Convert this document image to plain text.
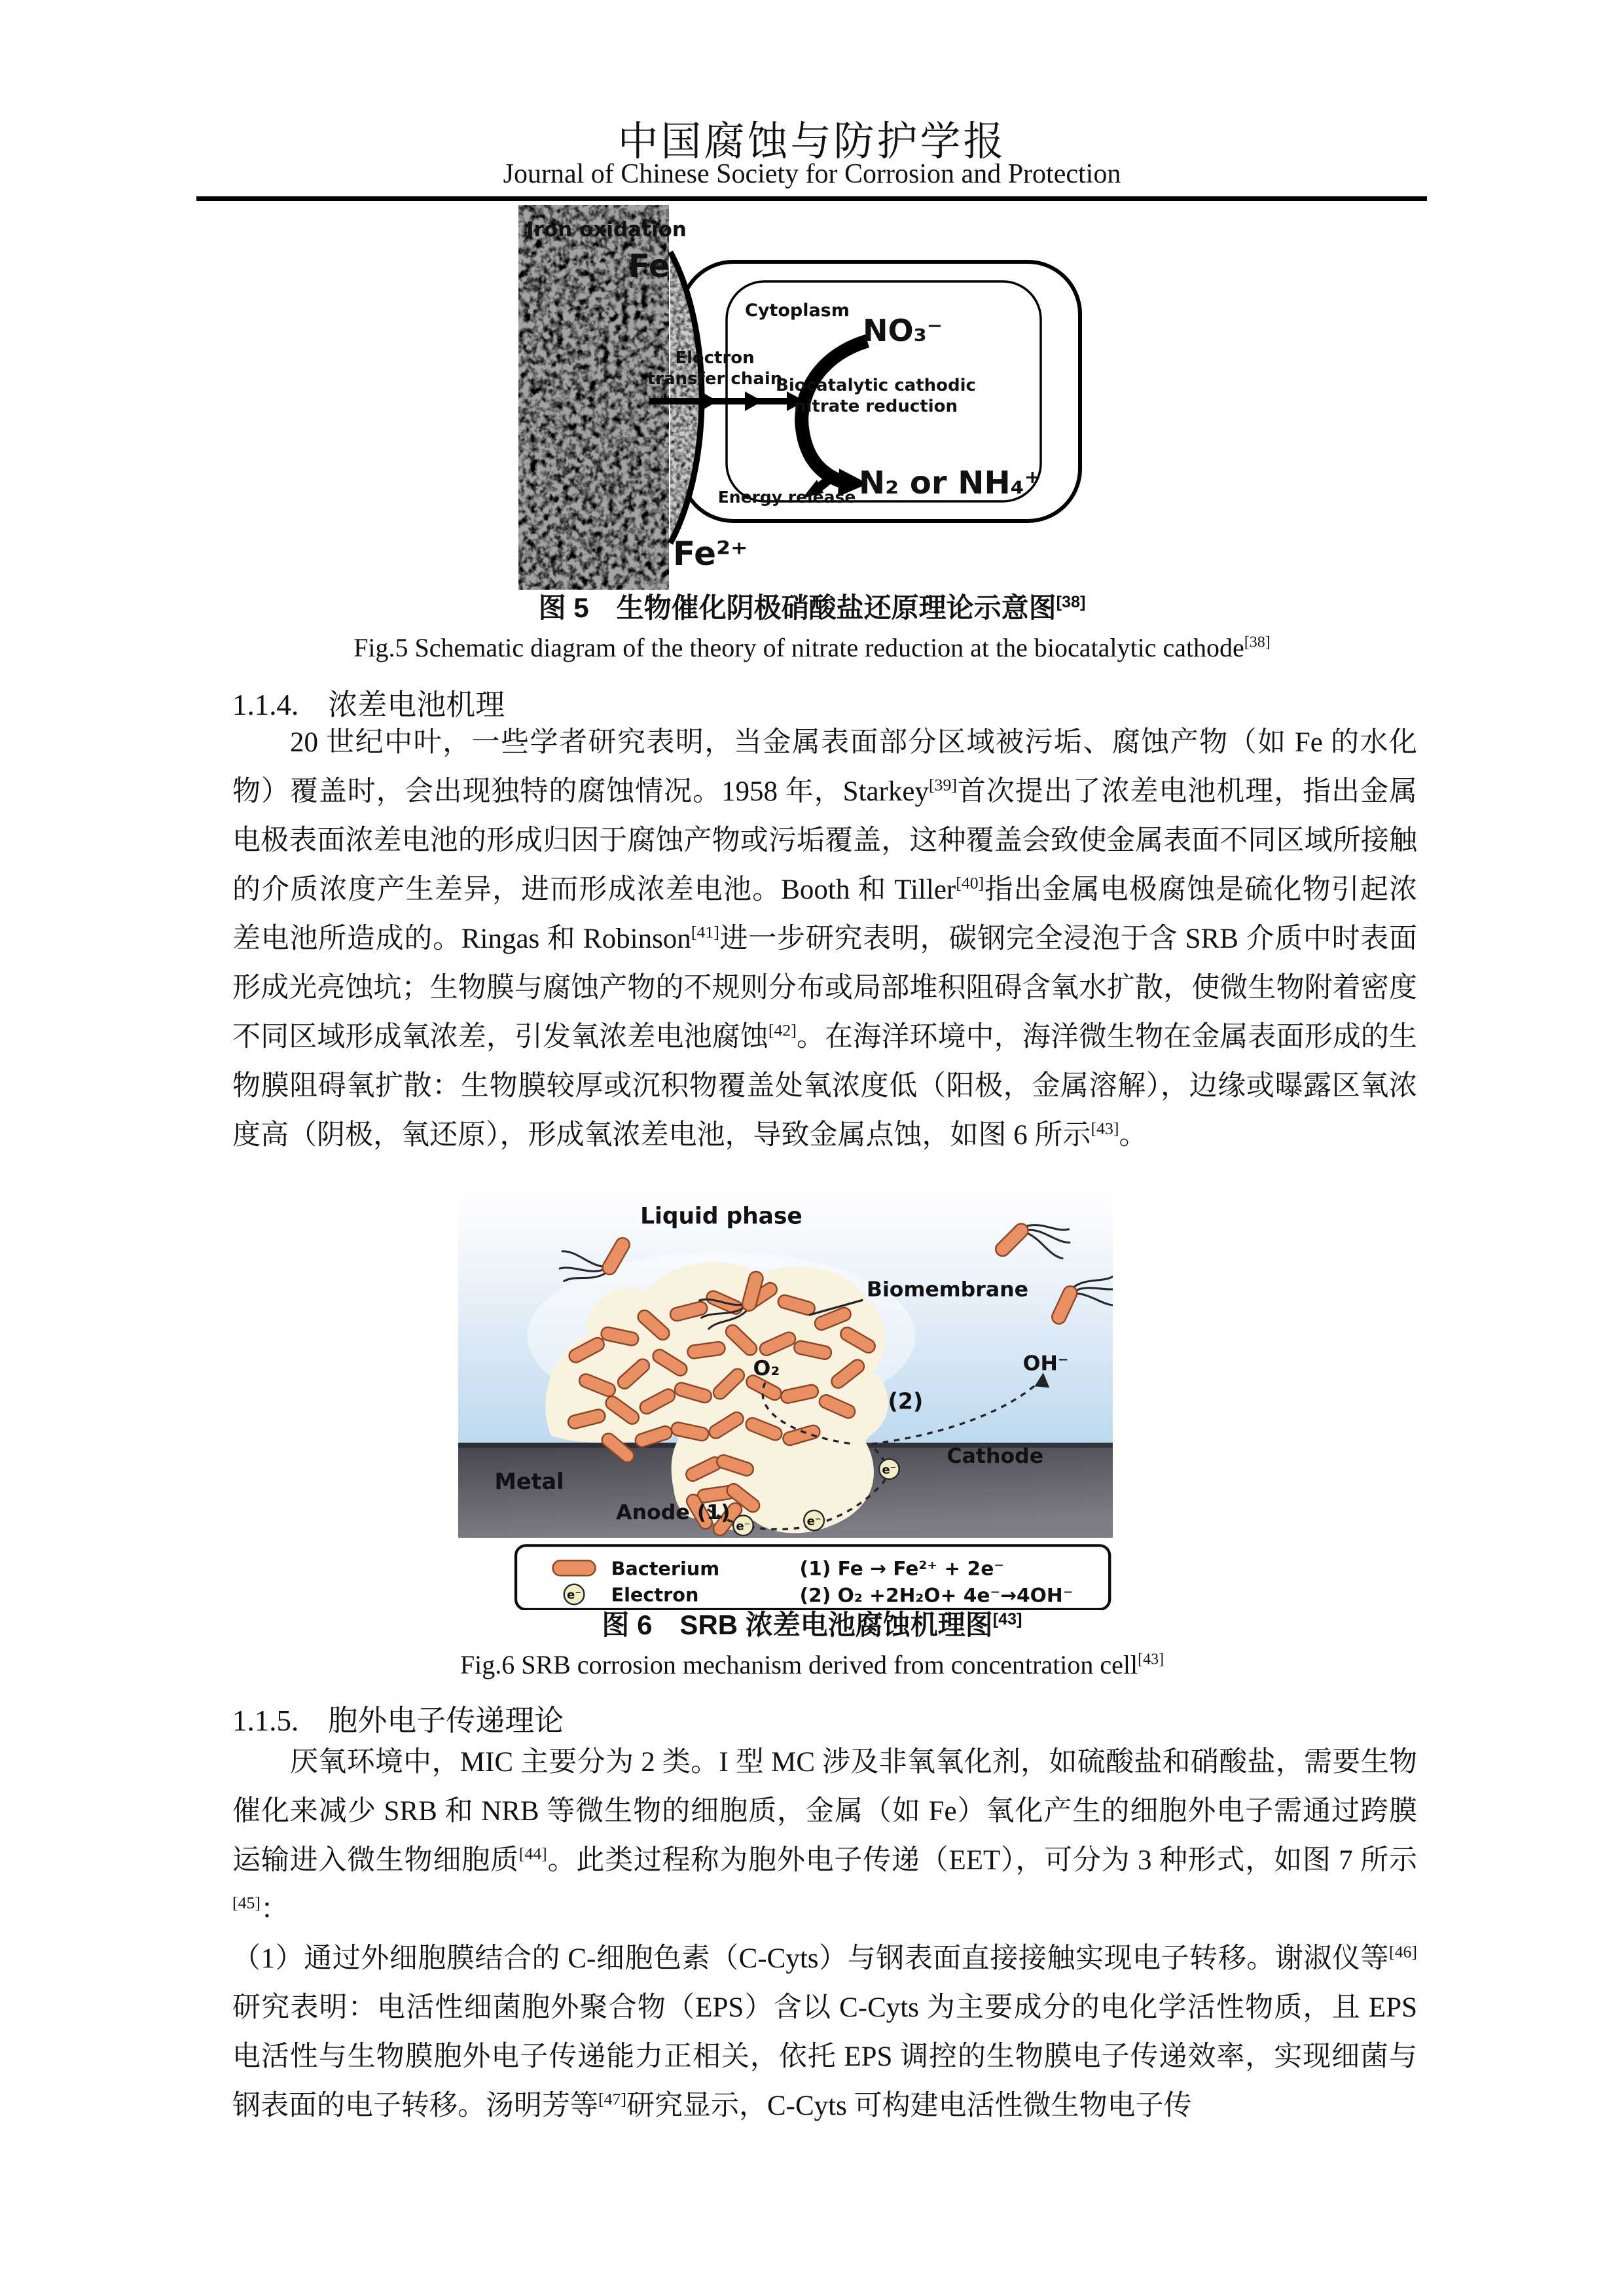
中国腐蚀与防护学报
Journal of Chinese Society for Corrosion and Protection
Iron oxidation
Fe
Cytoplasm
NO₃⁻
Electron
transfer chain
Biocatalytic cathodic
nitrate reduction
N₂ or NH₄⁺
Energy release
Fe²⁺
图 5　生物催化阴极硝酸盐还原理论示意图[38]
Fig.5 Schematic diagram of the theory of nitrate reduction at the biocatalytic cathode[38]
1.1.4.　浓差电池机理
20 世纪中叶，一些学者研究表明，当金属表面部分区域被污垢、腐蚀产物（如 Fe 的水化物）覆盖时，会出现独特的腐蚀情况。1958 年，Starkey[39]首次提出了浓差电池机理，指出金属电极表面浓差电池的形成归因于腐蚀产物或污垢覆盖，这种覆盖会致使金属表面不同区域所接触的介质浓度产生差异，进而形成浓差电池。Booth 和 Tiller[40]指出金属电极腐蚀是硫化物引起浓差电池所造成的。Ringas 和 Robinson[41]进一步研究表明，碳钢完全浸泡于含 SRB 介质中时表面形成光亮蚀坑；生物膜与腐蚀产物的不规则分布或局部堆积阻碍含氧水扩散，使微生物附着密度不同区域形成氧浓差，引发氧浓差电池腐蚀[42]。在海洋环境中，海洋微生物在金属表面形成的生物膜阻碍氧扩散：生物膜较厚或沉积物覆盖处氧浓度低（阳极，金属溶解），边缘或曝露区氧浓度高（阴极，氧还原），形成氧浓差电池，导致金属点蚀，如图 6 所示[43]。
e⁻	e⁻
e⁻
Liquid phase
Biomembrane
O₂	OH⁻
(2)
Cathode
Metal
Anode (1)
e⁻
Bacterium
Electron
(1) Fe → Fe²⁺ + 2e⁻
(2) O₂ +2H₂O+ 4e⁻→4OH⁻
图 6　SRB 浓差电池腐蚀机理图[43]
Fig.6 SRB corrosion mechanism derived from concentration cell[43]
1.1.5.　胞外电子传递理论
厌氧环境中，MIC 主要分为 2 类。I 型 MC 涉及非氧氧化剂，如硫酸盐和硝酸盐，需要生物催化来减少 SRB 和 NRB 等微生物的细胞质，金属（如 Fe）氧化产生的细胞外电子需通过跨膜运输进入微生物细胞质[44]。此类过程称为胞外电子传递（EET），可分为 3 种形式，如图 7 所示[45]：
（1）通过外细胞膜结合的 C-细胞色素（C-Cyts）与钢表面直接接触实现电子转移。谢淑仪等[46]研究表明：电活性细菌胞外聚合物（EPS）含以 C-Cyts 为主要成分的电化学活性物质，且 EPS 电活性与生物膜胞外电子传递能力正相关，依托 EPS 调控的生物膜电子传递效率，实现细菌与钢表面的电子转移。汤明芳等[47]研究显示，C-Cyts 可构建电活性微生物电子传
